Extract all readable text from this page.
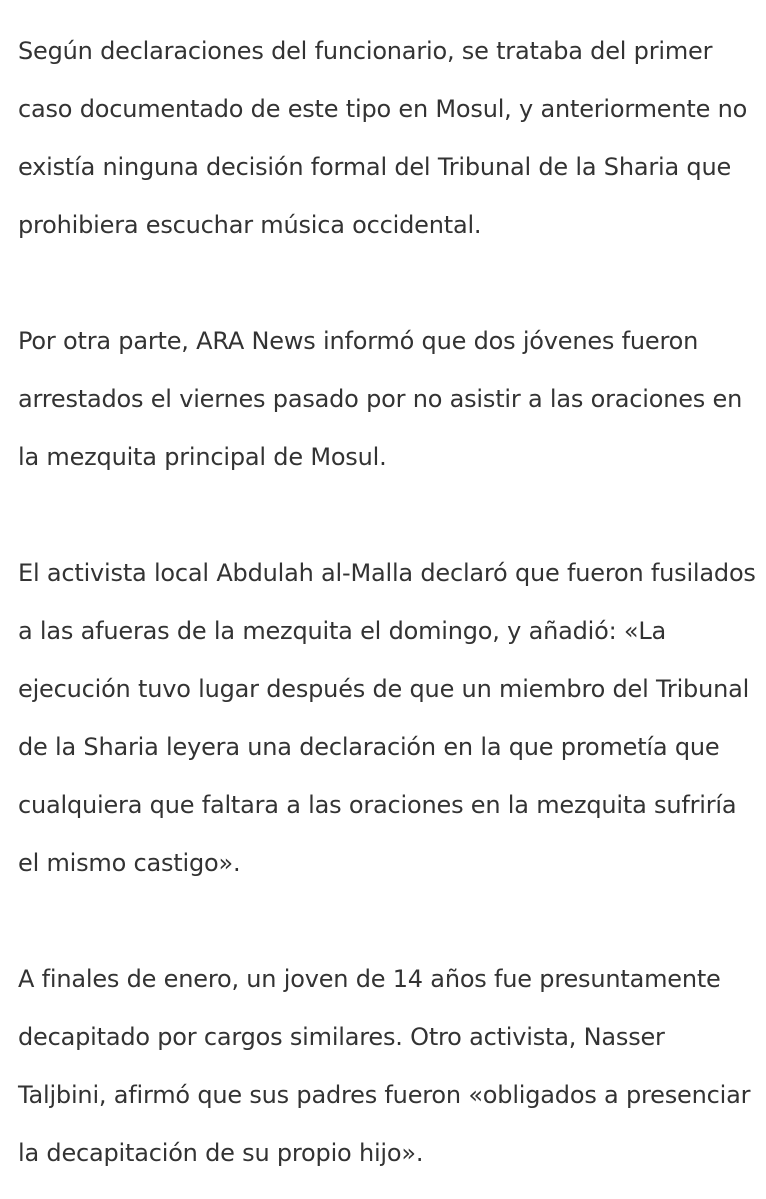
Según declaraciones del funcionario, se trataba del primer caso documentado de este tipo en Mosul, y anteriormente no existía ninguna decisión formal del Tribunal de la Sharia que prohibiera escuchar música occidental.

Por otra parte, ARA News informó que dos jóvenes fueron arrestados el viernes pasado por no asistir a las oraciones en la mezquita principal de Mosul.

El activista local Abdulah al-Malla declaró que fueron fusilados a las afueras de la mezquita el domingo, y añadió: «La ejecución tuvo lugar después de que un miembro del Tribunal de la Sharia leyera una declaración en la que prometía que cualquiera que faltara a las oraciones en la mezquita sufriría el mismo castigo».

A finales de enero, un joven de 14 años fue presuntamente decapitado por cargos similares. Otro activista, Nasser Taljbini, afirmó que sus padres fueron «obligados a presenciar la decapitación de su propio hijo».
